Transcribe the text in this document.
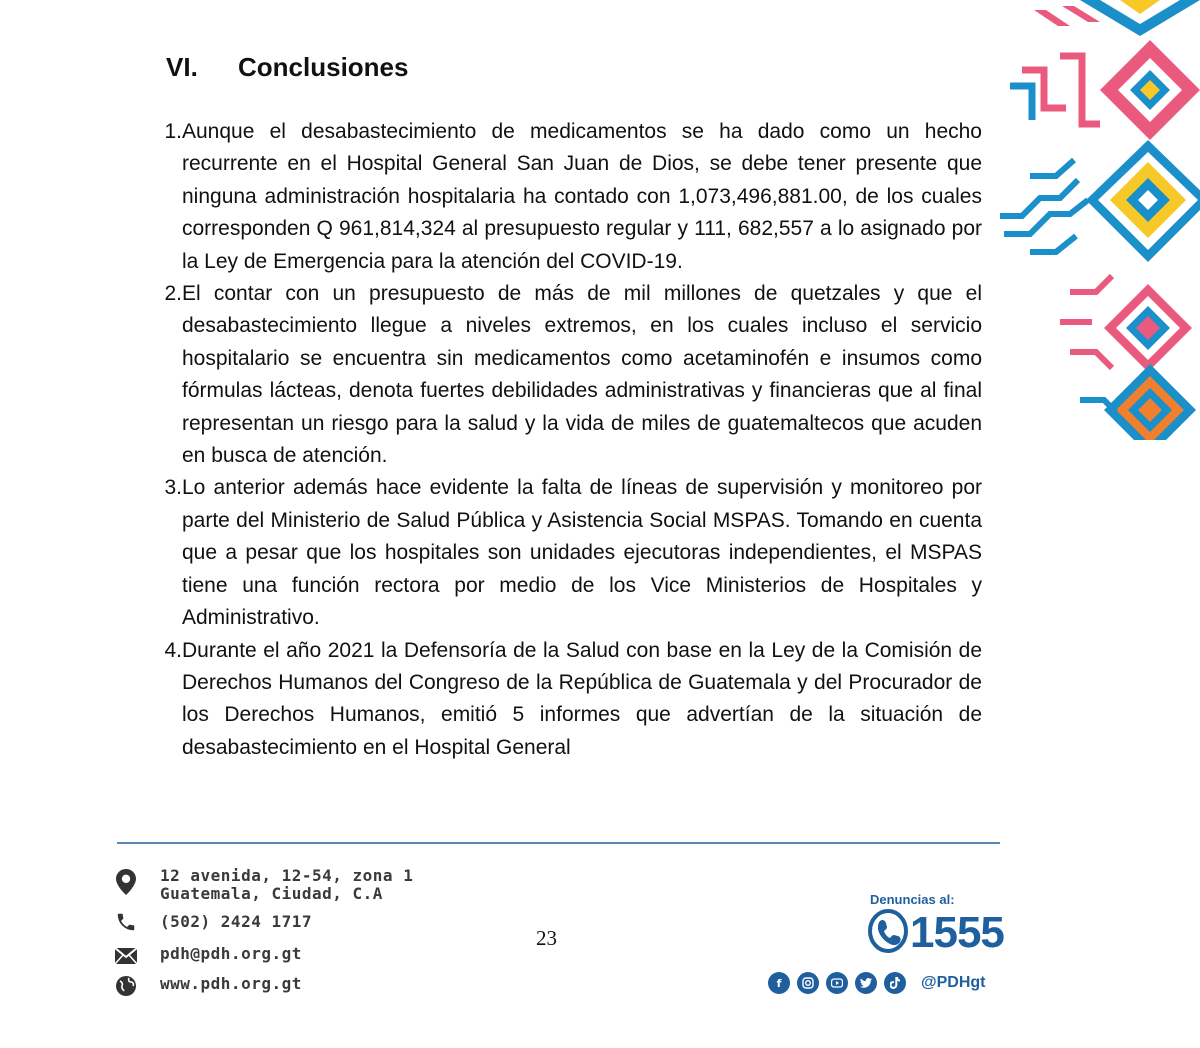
VI.	Conclusiones
1. Aunque el desabastecimiento de medicamentos se ha dado como un hecho recurrente en el Hospital General San Juan de Dios, se debe tener presente que ninguna administración hospitalaria ha contado con 1,073,496,881.00, de los cuales corresponden Q 961,814,324 al presupuesto regular y 111, 682,557 a lo asignado por la Ley de Emergencia para la atención del COVID-19.
2. El contar con un presupuesto de más de mil millones de quetzales y que el desabastecimiento llegue a niveles extremos, en los cuales incluso el servicio hospitalario se encuentra sin medicamentos como acetaminofén e insumos como fórmulas lácteas, denota fuertes debilidades administrativas y financieras que al final representan un riesgo para la salud y la vida de miles de guatemaltecos que acuden en busca de atención.
3. Lo anterior además hace evidente la falta de líneas de supervisión y monitoreo por parte del Ministerio de Salud Pública y Asistencia Social MSPAS. Tomando en cuenta que a pesar que los hospitales son unidades ejecutoras independientes, el MSPAS tiene una función rectora por medio de los Vice Ministerios de Hospitales y Administrativo.
4. Durante el año 2021 la Defensoría de la Salud con base en la Ley de la Comisión de Derechos Humanos del Congreso de la República de Guatemala y del Procurador de los Derechos Humanos, emitió 5 informes que advertían de la situación de desabastecimiento en el Hospital General
12 avenida, 12-54, zona 1
Guatemala, Ciudad, C.A
(502) 2424 1717
pdh@pdh.org.gt
www.pdh.org.gt
23
Denuncias al:
1555
f	@PDHgt
